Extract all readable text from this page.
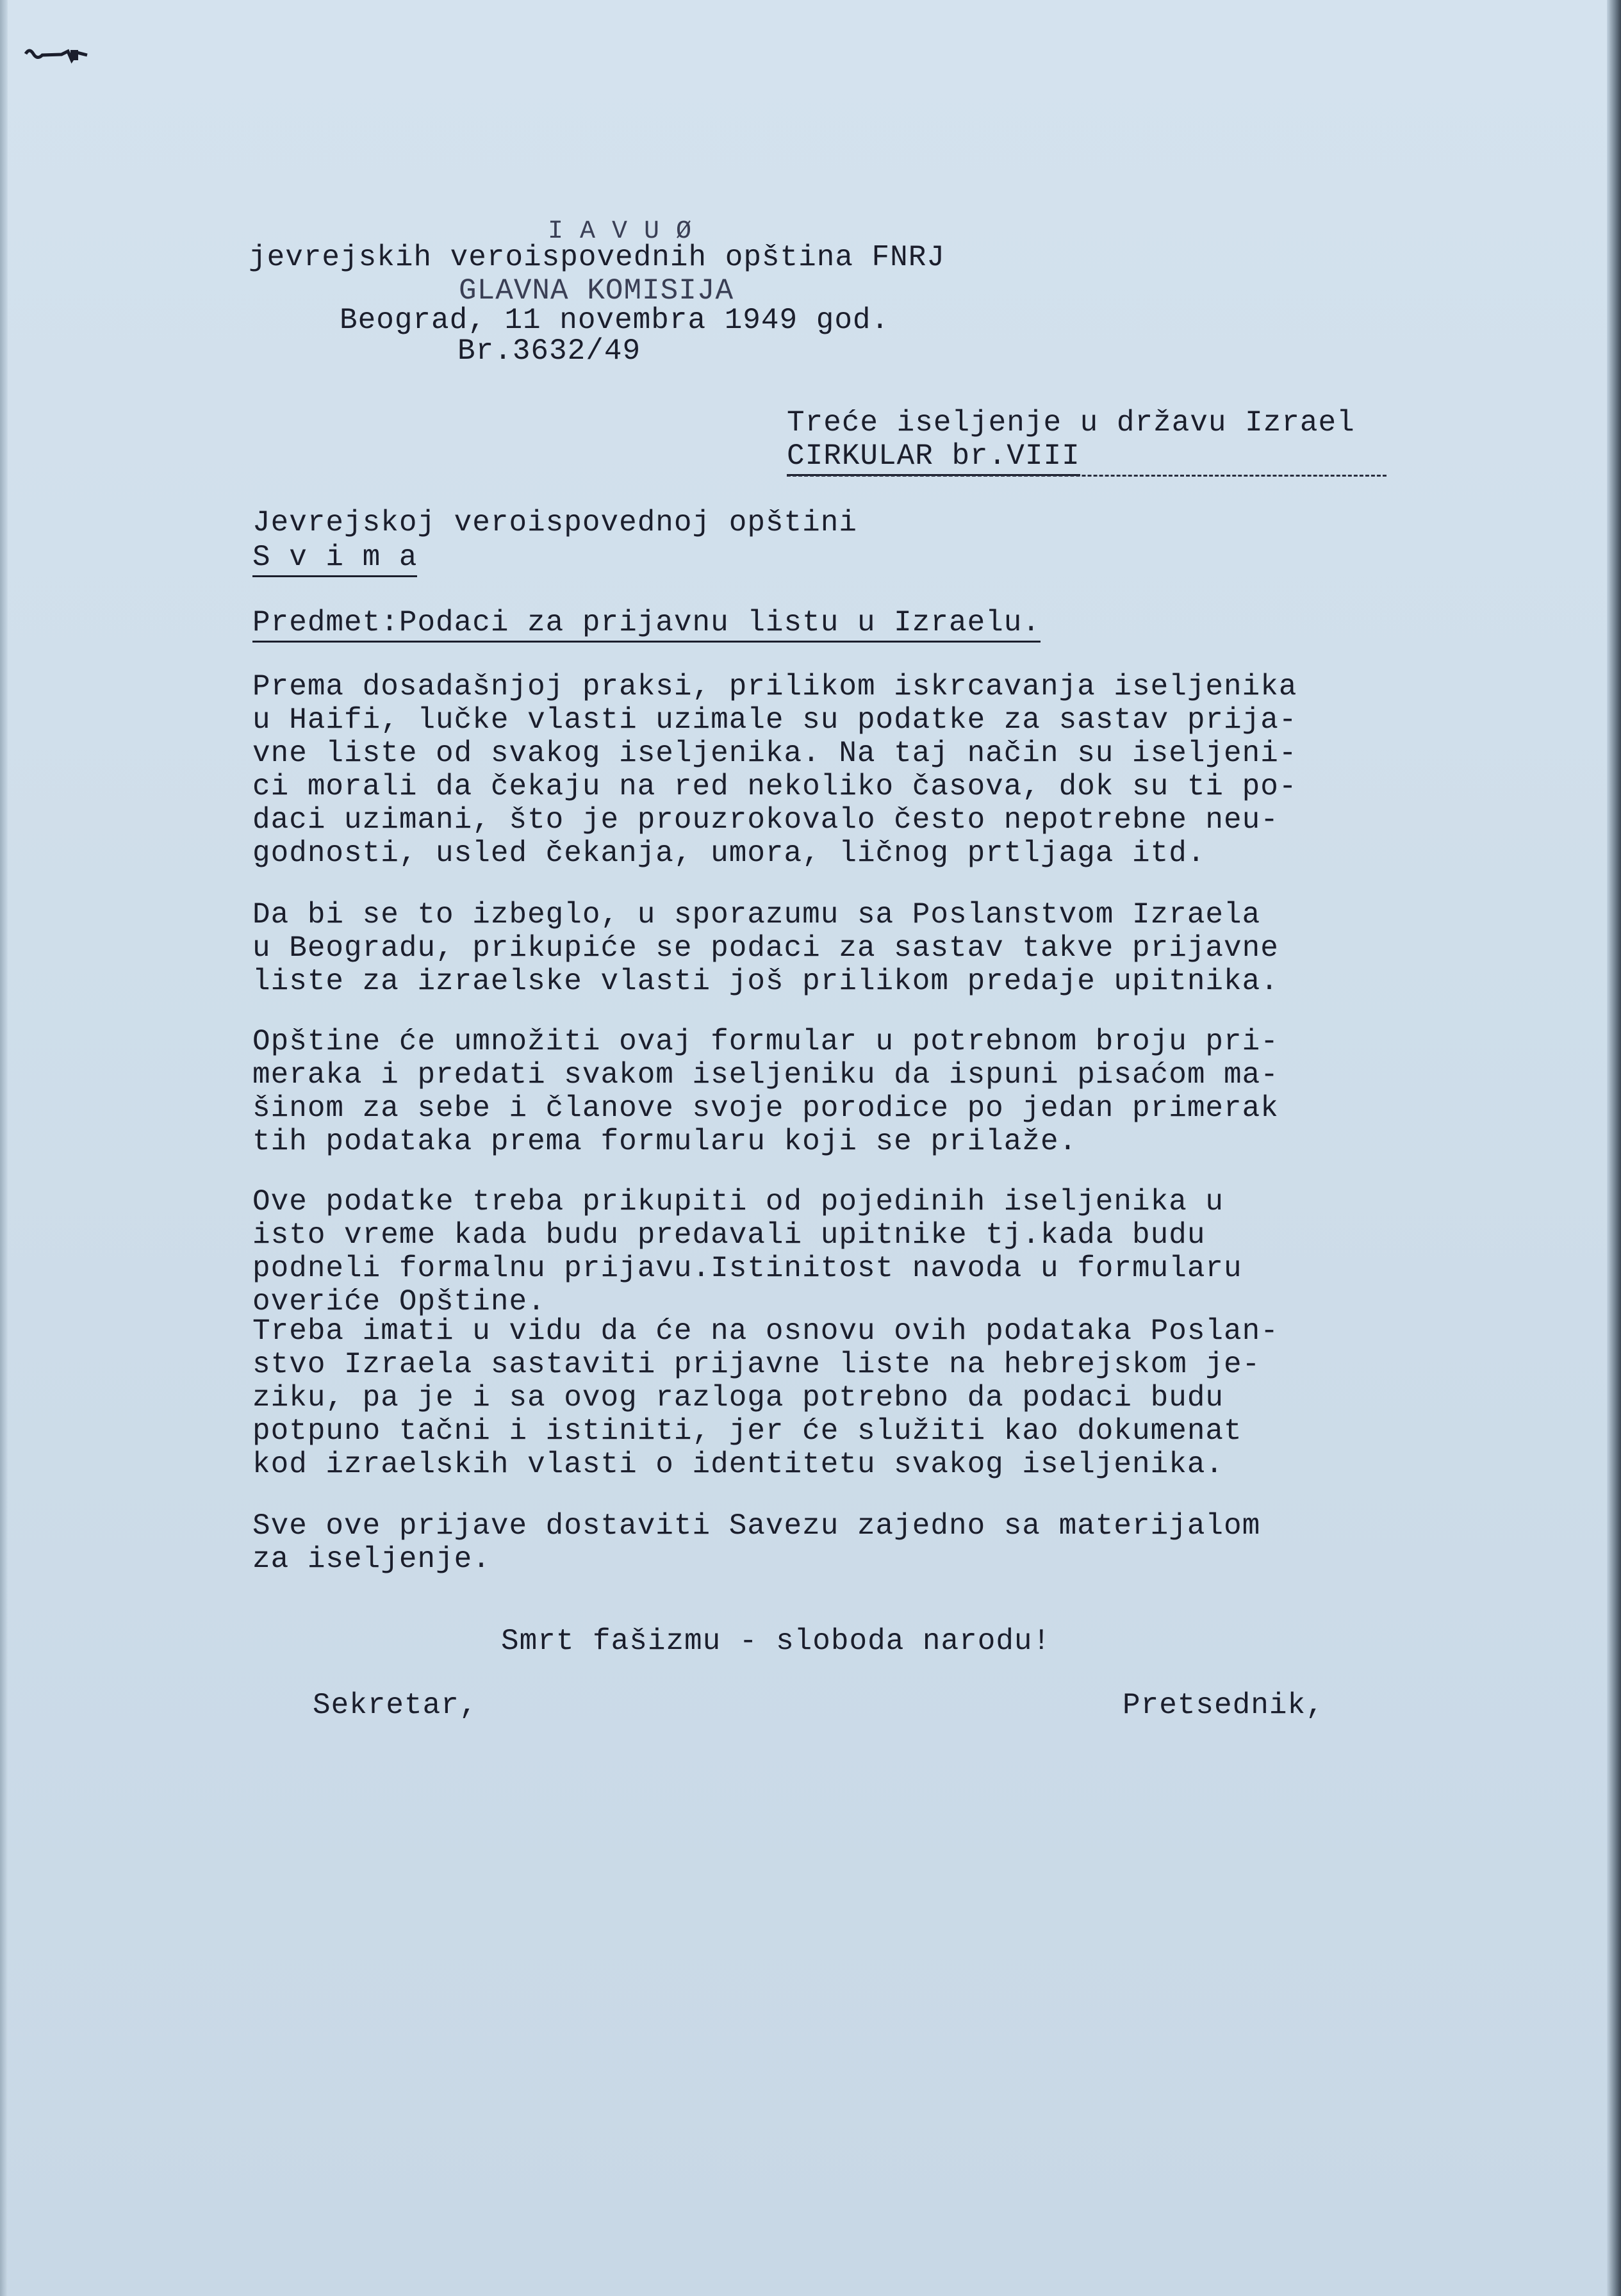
I A V U Ø
jevrejskih veroispovednih opština FNRJ
GLAVNA KOMISIJA
Beograd, 11 novembra 1949 god.
Br.3632/49
Treće iseljenje u državu Izrael
CIRKULAR br.VIII
Jevrejskoj veroispovednoj opštini
S v i m a
Predmet:Podaci za prijavnu listu u Izraelu.
Prema dosadašnjoj praksi, prilikom iskrcavanja iseljenika
u Haifi, lučke vlasti uzimale su podatke za sastav prija-
vne liste od svakog iseljenika. Na taj način su iseljeni-
ci morali da čekaju na red nekoliko časova, dok su ti po-
daci uzimani, što je prouzrokovalo često nepotrebne neu-
godnosti, usled čekanja, umora, ličnog prtljaga itd.
Da bi se to izbeglo, u sporazumu sa Poslanstvom Izraela
u Beogradu, prikupiće se podaci za sastav takve prijavne
liste za izraelske vlasti još prilikom predaje upitnika.
Opštine će umnožiti ovaj formular u potrebnom broju pri-
meraka i predati svakom iseljeniku da ispuni pisaćom ma-
šinom za sebe i članove svoje porodice po jedan primerak
tih podataka prema formularu koji se prilaže.
Ove podatke treba prikupiti od pojedinih iseljenika u
isto vreme kada budu predavali upitnike tj.kada budu
podneli formalnu prijavu.Istinitost navoda u formularu
overiće Opštine.
Treba imati u vidu da će na osnovu ovih podataka Poslan-
stvo Izraela sastaviti prijavne liste na hebrejskom je-
ziku, pa je i sa ovog razloga potrebno da podaci budu
potpuno tačni i istiniti, jer će služiti kao dokumenat
kod izraelskih vlasti o identitetu svakog iseljenika.
Sve ove prijave dostaviti Savezu zajedno sa materijalom
za iseljenje.
Smrt fašizmu - sloboda narodu!
Sekretar,	Pretsednik,
